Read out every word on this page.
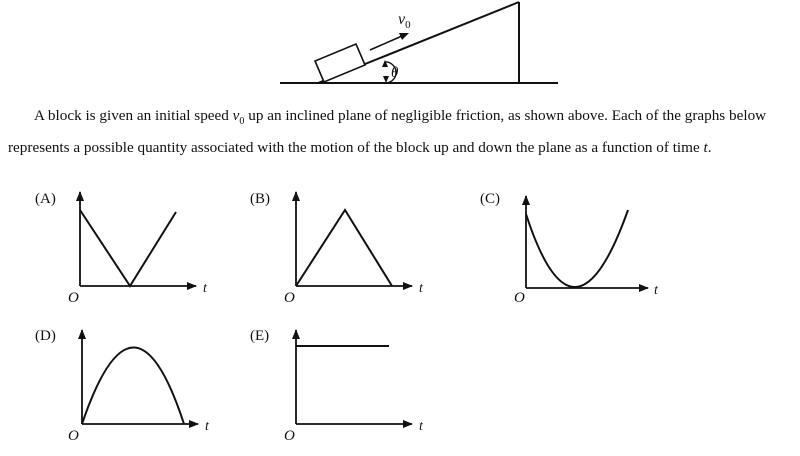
$v_0$
θ
A block is given an initial speed $v_0$ up an inclined plane of negligible friction, as shown above. Each of the graphs below represents a possible quantity associated with the motion of the block up and down the plane as a function of time t.
(A)
O
t
(B)
O
t
(C)
O	t
(D)
O
t
(E)
O
t
